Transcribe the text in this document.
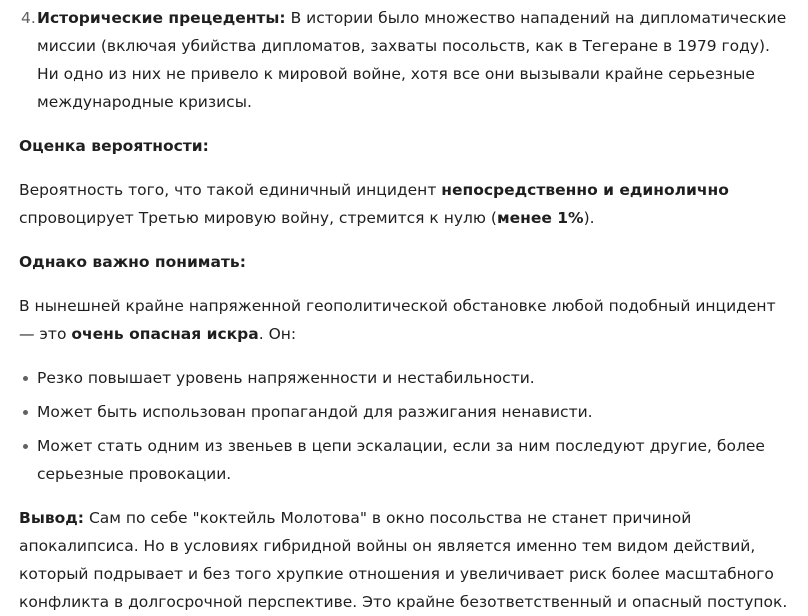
4. Исторические прецеденты: В истории было множество нападений на дипломатические миссии (включая убийства дипломатов, захваты посольств, как в Тегеране в 1979 году). Ни одно из них не привело к мировой войне, хотя все они вызывали крайне серьезные международные кризисы.

Оценка вероятности:

Вероятность того, что такой единичный инцидент непосредственно и единолично спровоцирует Третью мировую войну, стремится к нулю (менее 1%).

Однако важно понимать:

В нынешней крайне напряженной геополитической обстановке любой подобный инцидент — это очень опасная искра. Он:

Резко повышает уровень напряженности и нестабильности.
Может быть использован пропагандой для разжигания ненависти.
Может стать одним из звеньев в цепи эскалации, если за ним последуют другие, более серьезные провокации.

Вывод: Сам по себе "коктейль Молотова" в окно посольства не станет причиной апокалипсиса. Но в условиях гибридной войны он является именно тем видом действий, который подрывает и без того хрупкие отношения и увеличивает риск более масштабного конфликта в долгосрочной перспективе. Это крайне безответственный и опасный поступок.
